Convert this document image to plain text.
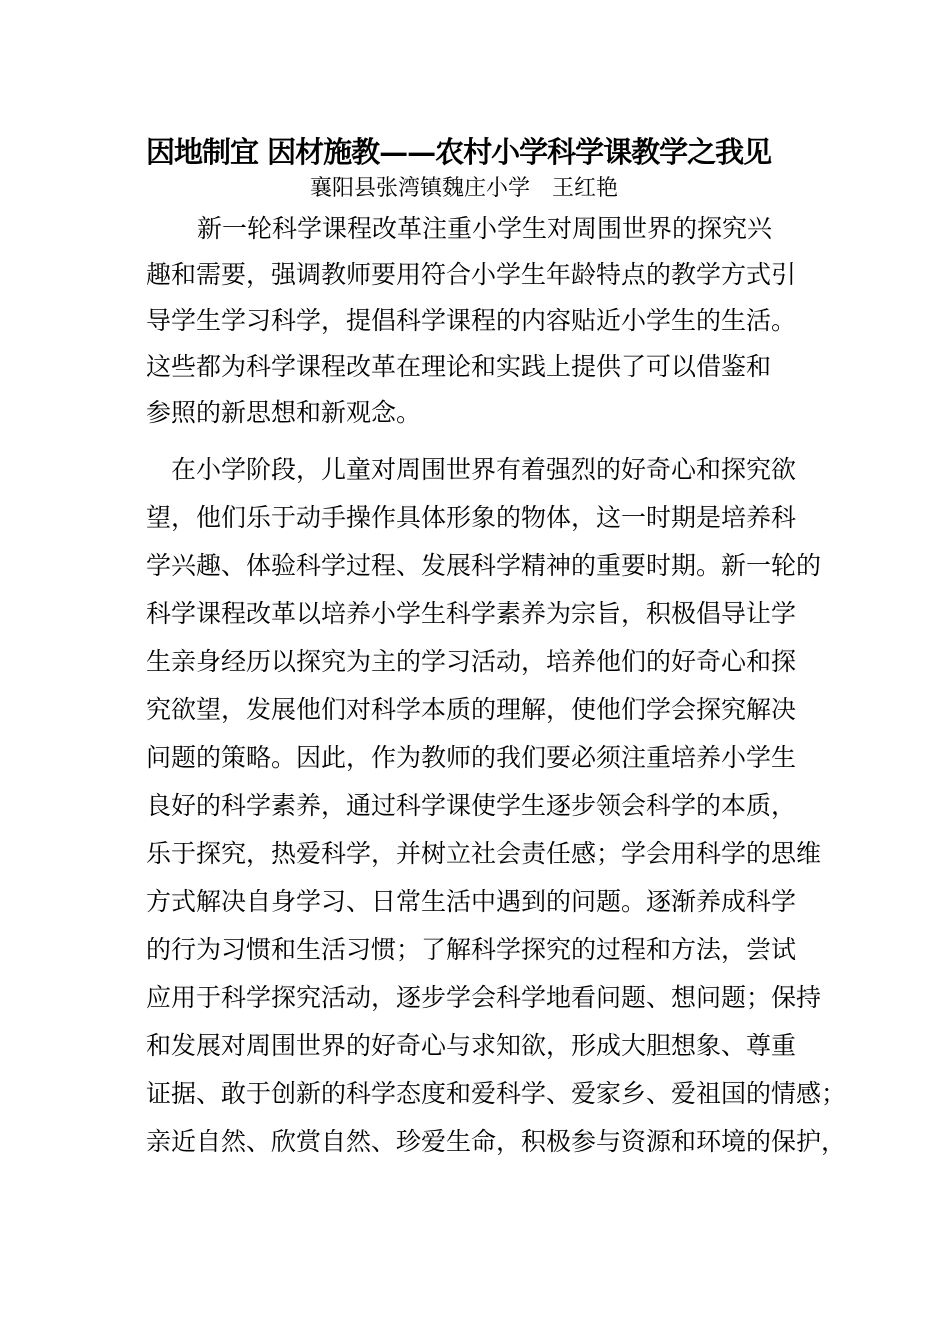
因地制宜 因材施教——农村小学科学课教学之我见
襄阳县张湾镇魏庄小学　王红艳
新一轮科学课程改革注重小学生对周围世界的探究兴
趣和需要，强调教师要用符合小学生年龄特点的教学方式引
导学生学习科学，提倡科学课程的内容贴近小学生的生活。
这些都为科学课程改革在理论和实践上提供了可以借鉴和
参照的新思想和新观念。
在小学阶段，儿童对周围世界有着强烈的好奇心和探究欲
望，他们乐于动手操作具体形象的物体，这一时期是培养科
学兴趣、体验科学过程、发展科学精神的重要时期。新一轮的
科学课程改革以培养小学生科学素养为宗旨，积极倡导让学
生亲身经历以探究为主的学习活动，培养他们的好奇心和探
究欲望，发展他们对科学本质的理解，使他们学会探究解决
问题的策略。因此，作为教师的我们要必须注重培养小学生
良好的科学素养，通过科学课使学生逐步领会科学的本质，
乐于探究，热爱科学，并树立社会责任感；学会用科学的思维
方式解决自身学习、日常生活中遇到的问题。逐渐养成科学
的行为习惯和生活习惯；了解科学探究的过程和方法，尝试
应用于科学探究活动，逐步学会科学地看问题、想问题；保持
和发展对周围世界的好奇心与求知欲，形成大胆想象、尊重
证据、敢于创新的科学态度和爱科学、爱家乡、爱祖国的情感；
亲近自然、欣赏自然、珍爱生命，积极参与资源和环境的保护，
